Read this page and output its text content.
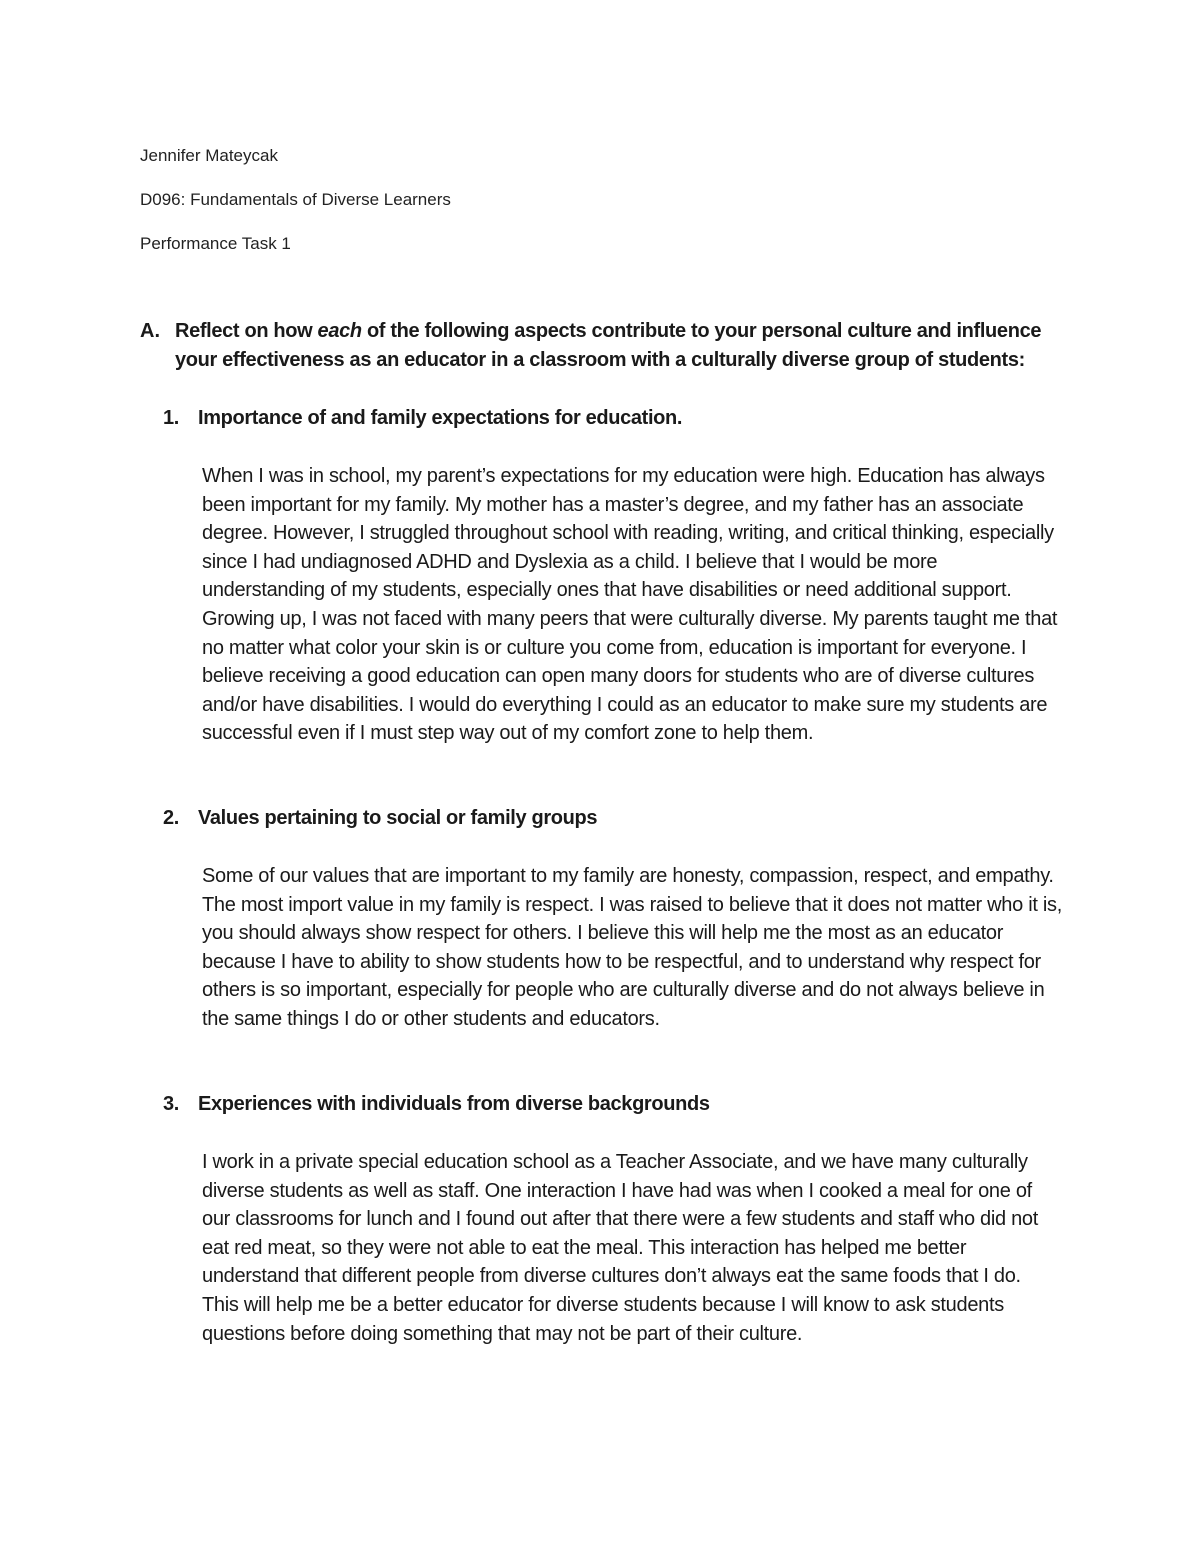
Jennifer Mateycak
D096: Fundamentals of Diverse Learners
Performance Task 1
A. Reflect on how each of the following aspects contribute to your personal culture and influence your effectiveness as an educator in a classroom with a culturally diverse group of students:
1. Importance of and family expectations for education.
When I was in school, my parent’s expectations for my education were high. Education has always been important for my family. My mother has a master’s degree, and my father has an associate degree. However, I struggled throughout school with reading, writing, and critical thinking, especially since I had undiagnosed ADHD and Dyslexia as a child. I believe that I would be more understanding of my students, especially ones that have disabilities or need additional support. Growing up, I was not faced with many peers that were culturally diverse. My parents taught me that no matter what color your skin is or culture you come from, education is important for everyone. I believe receiving a good education can open many doors for students who are of diverse cultures and/or have disabilities. I would do everything I could as an educator to make sure my students are successful even if I must step way out of my comfort zone to help them.
2. Values pertaining to social or family groups
Some of our values that are important to my family are honesty, compassion, respect, and empathy. The most import value in my family is respect. I was raised to believe that it does not matter who it is, you should always show respect for others. I believe this will help me the most as an educator because I have to ability to show students how to be respectful, and to understand why respect for others is so important, especially for people who are culturally diverse and do not always believe in the same things I do or other students and educators.
3. Experiences with individuals from diverse backgrounds
I work in a private special education school as a Teacher Associate, and we have many culturally diverse students as well as staff. One interaction I have had was when I cooked a meal for one of our classrooms for lunch and I found out after that there were a few students and staff who did not eat red meat, so they were not able to eat the meal. This interaction has helped me better understand that different people from diverse cultures don’t always eat the same foods that I do. This will help me be a better educator for diverse students because I will know to ask students questions before doing something that may not be part of their culture.
